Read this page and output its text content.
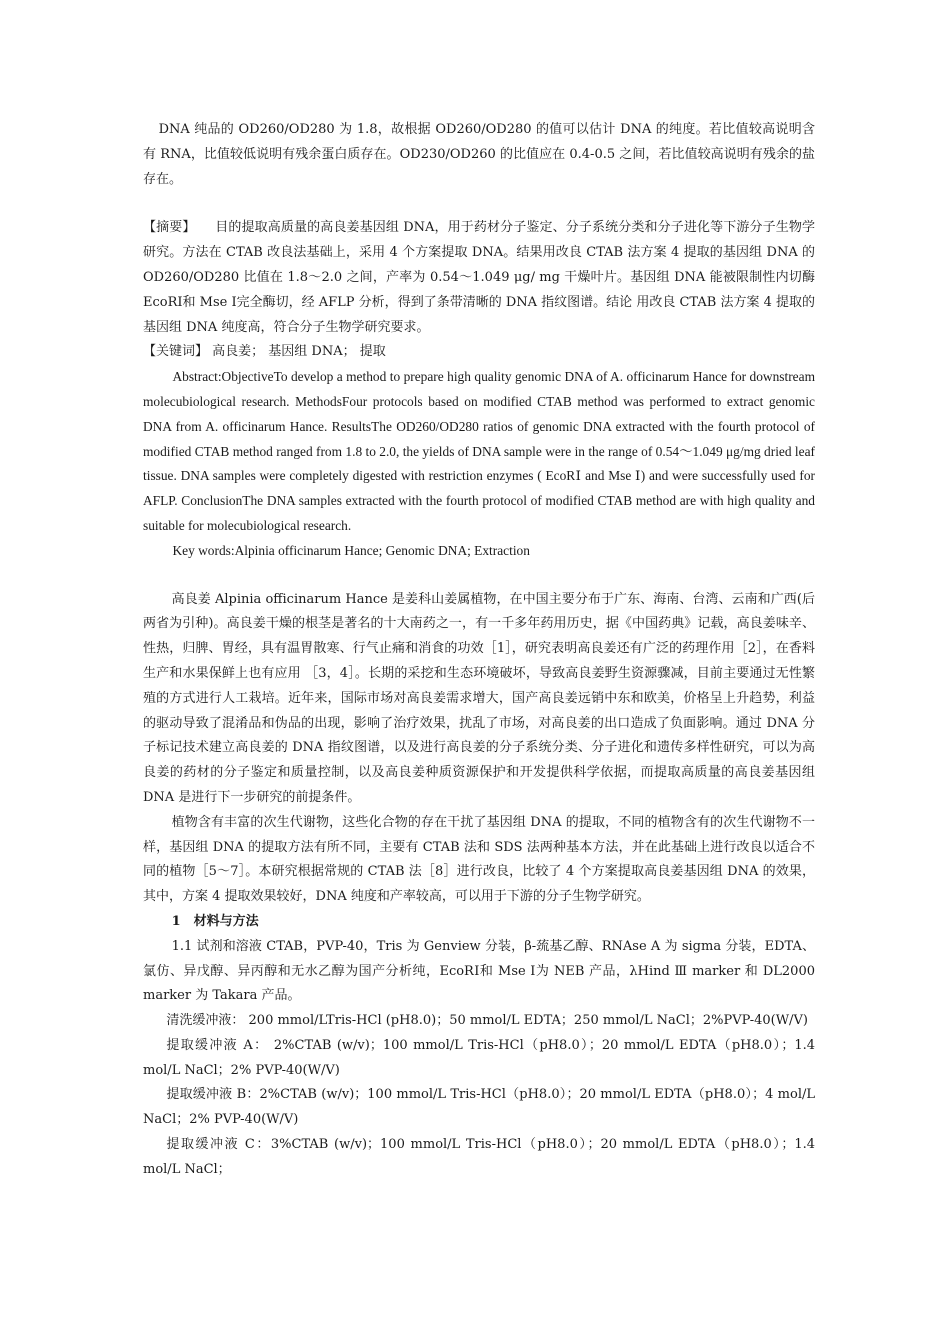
DNA 纯品的 OD260/OD280 为 1.8，故根据 OD260/OD280 的值可以估计 DNA 的纯度。若比值较高说明含有 RNA，比值较低说明有残余蛋白质存在。OD230/OD260 的比值应在 0.4-0.5 之间，若比值较高说明有残余的盐存在。

【摘要】　　 目的提取高质量的高良姜基因组 DNA，用于药材分子鉴定、分子系统分类和分子进化等下游分子生物学研究。方法在 CTAB 改良法基础上，采用 4 个方案提取 DNA。结果用改良 CTAB 法方案 4 提取的基因组 DNA 的 OD260/OD280 比值在 1.8～2.0 之间，产率为 0.54～1.049 μg/ mg 干燥叶片。基因组 DNA 能被限制性内切酶 EcoRⅠ和 Mse Ⅰ完全酶切，经 AFLP 分析，得到了条带清晰的 DNA 指纹图谱。结论 用改良 CTAB 法方案 4 提取的基因组 DNA 纯度高，符合分子生物学研究要求。

【关键词】 高良姜； 基因组 DNA； 提取

Abstract:ObjectiveTo develop a method to prepare high quality genomic DNA of A. officinarum Hance for downstream molecubiological research. MethodsFour protocols based on modified CTAB method was performed to extract genomic DNA from A. officinarum Hance. ResultsThe OD260/OD280 ratios of genomic DNA extracted with the fourth protocol of modified CTAB method ranged from 1.8 to 2.0, the yields of DNA sample were in the range of 0.54～1.049 μg/mg dried leaf tissue. DNA samples were completely digested with restriction enzymes ( EcoRⅠ and Mse Ⅰ) and were successfully used for AFLP. ConclusionThe DNA samples extracted with the fourth protocol of modified CTAB method are with high quality and suitable for molecubiological research.

Key words:Alpinia officinarum Hance; Genomic DNA; Extraction

高良姜 Alpinia officinarum Hance 是姜科山姜属植物，在中国主要分布于广东、海南、台湾、云南和广西(后两省为引种)。高良姜干燥的根茎是著名的十大南药之一，有一千多年药用历史，据《中国药典》记载，高良姜味辛、性热，归脾、胃经，具有温胃散寒、行气止痛和消食的功效［1］，研究表明高良姜还有广泛的药理作用［2］，在香料生产和水果保鲜上也有应用 ［3，4］。长期的采挖和生态环境破坏，导致高良姜野生资源骤减，目前主要通过无性繁殖的方式进行人工栽培。近年来，国际市场对高良姜需求增大，国产高良姜远销中东和欧美，价格呈上升趋势，利益的驱动导致了混淆品和伪品的出现，影响了治疗效果，扰乱了市场，对高良姜的出口造成了负面影响。通过 DNA 分子标记技术建立高良姜的 DNA 指纹图谱，以及进行高良姜的分子系统分类、分子进化和遗传多样性研究，可以为高良姜的药材的分子鉴定和质量控制，以及高良姜种质资源保护和开发提供科学依据，而提取高质量的高良姜基因组 DNA 是进行下一步研究的前提条件。

植物含有丰富的次生代谢物，这些化合物的存在干扰了基因组 DNA 的提取，不同的植物含有的次生代谢物不一样，基因组 DNA 的提取方法有所不同，主要有 CTAB 法和 SDS 法两种基本方法，并在此基础上进行改良以适合不同的植物［5～7］。本研究根据常规的 CTAB 法［8］进行改良，比较了 4 个方案提取高良姜基因组 DNA 的效果，其中，方案 4 提取效果较好，DNA 纯度和产率较高，可以用于下游的分子生物学研究。

1　材料与方法

1.1 试剂和溶液 CTAB，PVP-40，Tris 为 Genview 分装，β-巯基乙醇、RNAse A 为 sigma 分装，EDTA、氯仿、异戊醇、异丙醇和无水乙醇为国产分析纯，EcoRⅠ和 Mse Ⅰ为 NEB 产品，λHind Ⅲ marker 和 DL2000 marker 为 Takara 产品。

清洗缓冲液： 200 mmol/LTris-HCl (pH8.0)；50 mmol/L EDTA；250 mmol/L NaCl；2%PVP-40(W/V)

提取缓冲液 A： 2%CTAB (w/v)；100 mmol/L Tris-HCl（pH8.0）；20 mmol/L EDTA（pH8.0）；1.4 mol/L NaCl；2% PVP-40(W/V)

提取缓冲液 B：2%CTAB (w/v)；100 mmol/L Tris-HCl（pH8.0）；20 mmol/L EDTA（pH8.0）；4 mol/L NaCl；2% PVP-40(W/V)

提取缓冲液 C：3%CTAB (w/v)；100 mmol/L Tris-HCl（pH8.0）；20 mmol/L EDTA（pH8.0）；1.4 mol/L NaCl；
